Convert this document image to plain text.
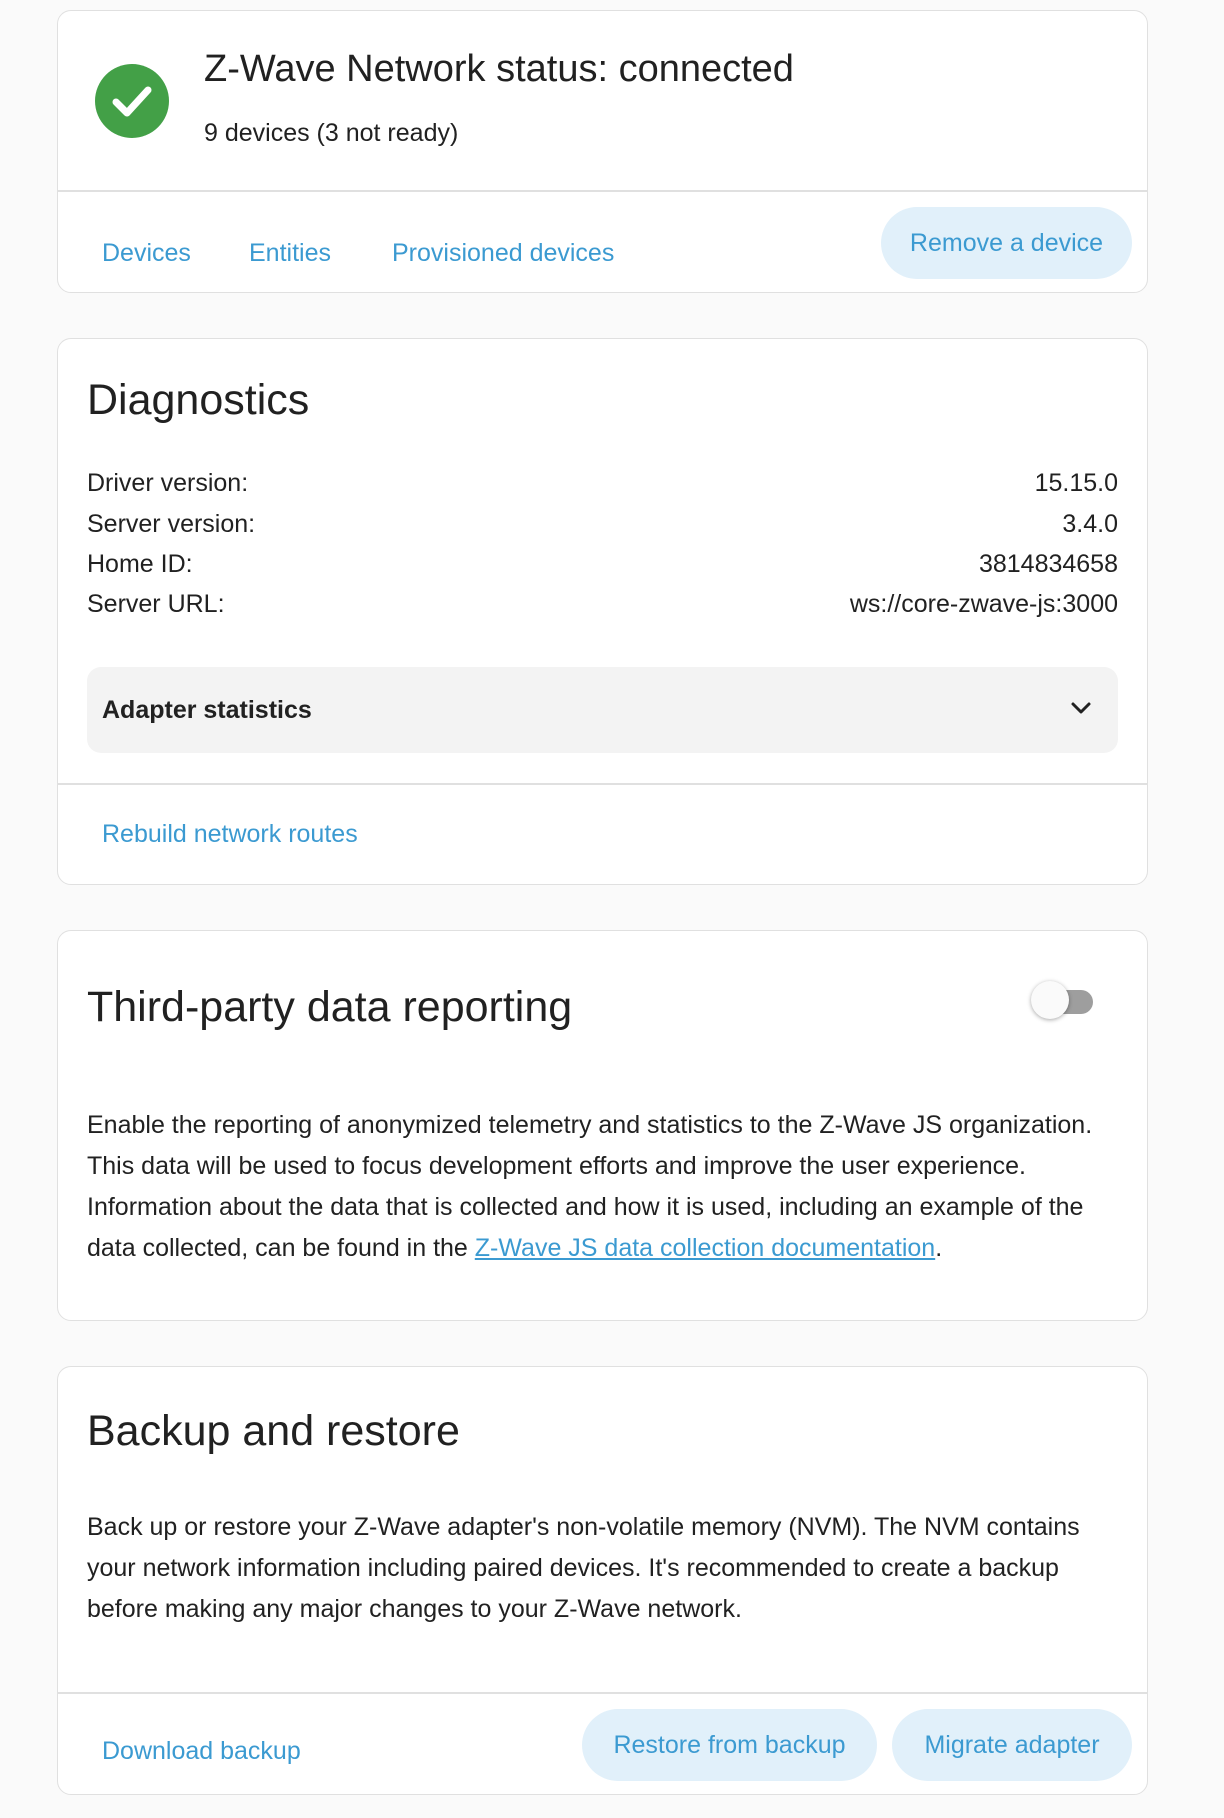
Z-Wave Network status: connected
9 devices (3 not ready)
Devices Entities Provisioned devices	Remove a device
Diagnostics
Driver version:	15.15.0
Server version:	3.4.0
Home ID:	3814834658
Server URL:	ws://core-zwave-js:3000
Adapter statistics
Rebuild network routes
Third-party data reporting
Enable the reporting of anonymized telemetry and statistics to the Z-Wave JS organization. This data will be used to focus development efforts and improve the user experience. Information about the data that is collected and how it is used, including an example of the data collected, can be found in the Z-Wave JS data collection documentation.
Backup and restore
Back up or restore your Z-Wave adapter's non-volatile memory (NVM). The NVM contains your network information including paired devices. It's recommended to create a backup before making any major changes to your Z-Wave network.
Download backup	Restore from backup	Migrate adapter
